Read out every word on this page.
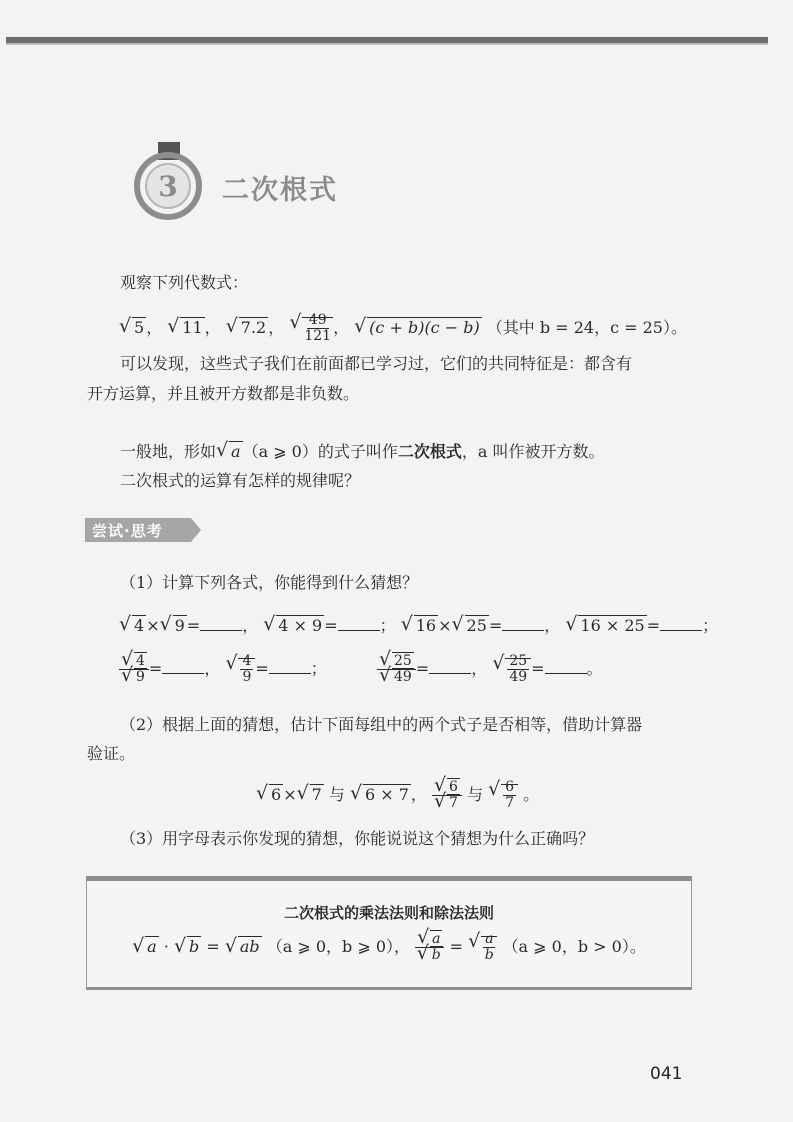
3 二次根式
观察下列代数式：
√ 5 ， √ 11 ， √ 7.2 ， √ $\frac{49}{121}$ ， √ (c + b)(c − b) （其中 b = 24，c = 25）。
可以发现，这些式子我们在前面都已学习过，它们的共同特征是：都含有
开方运算，并且被开方数都是非负数。
一般地，形如 √ a （a ⩾ 0）的式子叫作二次根式，a 叫作被开方数。
二次根式的运算有怎样的规律呢？
尝试·思考
（1）计算下列各式，你能得到什么猜想？
√ 4 × √ 9 =	， √ 4 × 9 =	； √ 16 × √ 25 =	， √ 16 × 25 =	；
√ 4
√ 9 =	， √ $\frac{4}{9}$ =	；	√ 25
√ 49 =	， √ $\frac{25}{49}$ =	。
（2）根据上面的猜想，估计下面每组中的两个式子是否相等，借助计算器
验证。
√ 6 × √ 7 与 √ 6 × 7 ， √ 6
√ 7 与 √ $\frac{6}{7}$ 。
（3）用字母表示你发现的猜想，你能说说这个猜想为什么正确吗？
二次根式的乘法法则和除法法则
√ a · √ b = √ ab （a ⩾ 0，b ⩾ 0）， √ a
√ b = √ $\frac{a}{b} (a$ ⩾ 0，b > 0）。
041
